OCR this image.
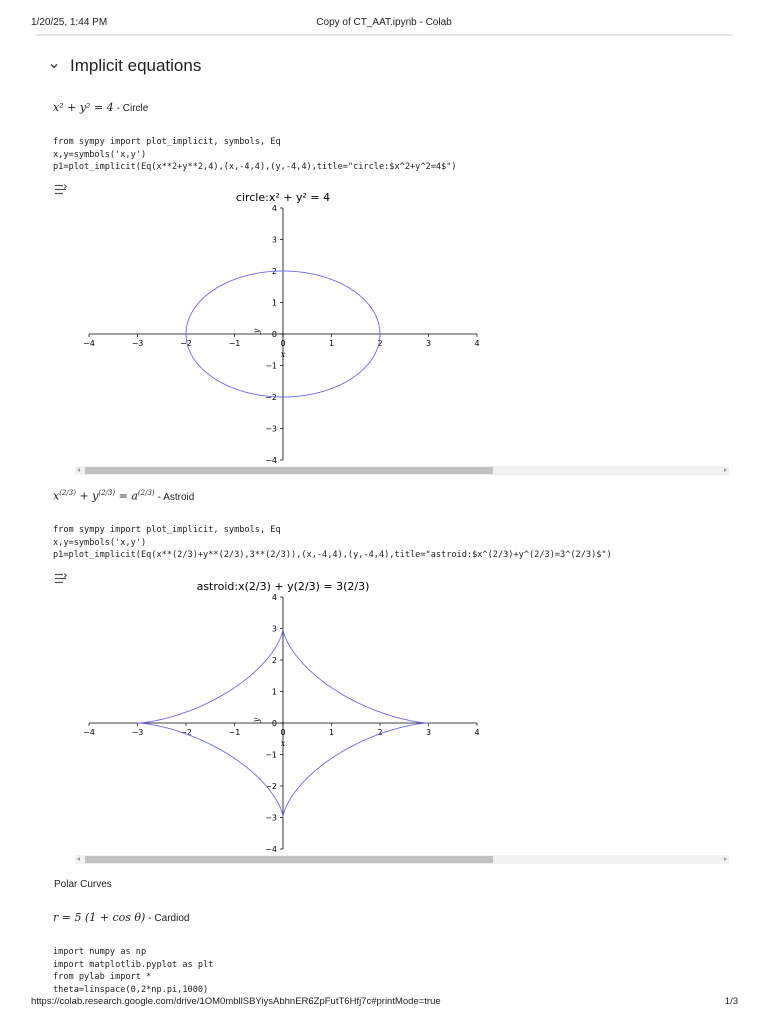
1/20/25, 1:44 PM	Copy of CT_AAT.ipynb - Colab
Implicit equations
x² + y² = 4 - Circle
from sympy import plot_implicit, symbols, Eq
x,y=symbols('x,y')
p1=plot_implicit(Eq(x**2+y**2,4),(x,-4,4),(y,-4,4),title="circle:$x^2+y^2=4$")
−4	−3	−2	−1	0	1	2	3	4
−4
−3
−2
−1
0
1
2
3
4
x
y
circle:x² + y² = 4
$x^{(2/3)} + y^{(2/3)} = a^{(2/3)}$ - Astroid
from sympy import plot_implicit, symbols, Eq
x,y=symbols('x,y')
p1=plot_implicit(Eq(x**(2/3)+y**(2/3),3**(2/3)),(x,-4,4),(y,-4,4),title="astroid:$x^(2/3)+y^(2/3)=3^(2/3)$")
−4	−3	−2	−1	0	1	2	3	4
−4
−3
−2
−1
0
1
2
3
4
x
y
astroid:x(2/3) + y(2/3) = 3(2/3)
Polar Curves
r = 5 (1 + cos θ) - Cardiod
import numpy as np
import matplotlib.pyplot as plt
from pylab import *
theta=linspace(0,2*np.pi,1000)
https://colab.research.google.com/drive/1OM0mbllSBYiysAbhnER6ZpFutT6Hfj7c#printMode=true	1/3
